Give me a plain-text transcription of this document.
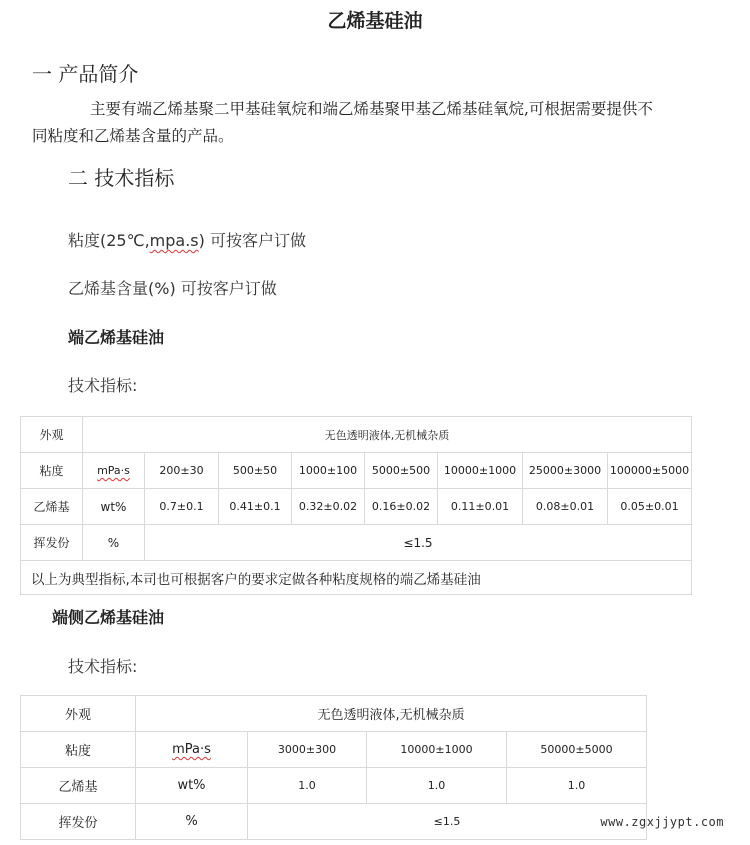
乙烯基硅油
一 产品简介
主要有端乙烯基聚二甲基硅氧烷和端乙烯基聚甲基乙烯基硅氧烷,可根据需要提供不
同粘度和乙烯基含量的产品。
二 技术指标
粘度(25℃,mpa.s) 可按客户订做
乙烯基含量(%) 可按客户订做
端乙烯基硅油
技术指标:
外观	无色透明液体,无机械杂质							
粘度	mPa·s	200±30	500±50	1000±100	5000±500	10000±1000	25000±3000	100000±5000
乙烯基	wt%	0.7±0.1	0.41±0.1	0.32±0.02	0.16±0.02	0.11±0.01	0.08±0.01	0.05±0.01
挥发份	%	≤1.5						
以上为典型指标,本司也可根据客户的要求定做各种粘度规格的端乙烯基硅油								
端侧乙烯基硅油
技术指标:
外观	无色透明液体,无机械杂质			
粘度	mPa·s	3000±300	10000±1000	50000±5000
乙烯基	wt%	1.0	1.0	1.0
挥发份	%	≤1.5			www.zgxjjypt.com
